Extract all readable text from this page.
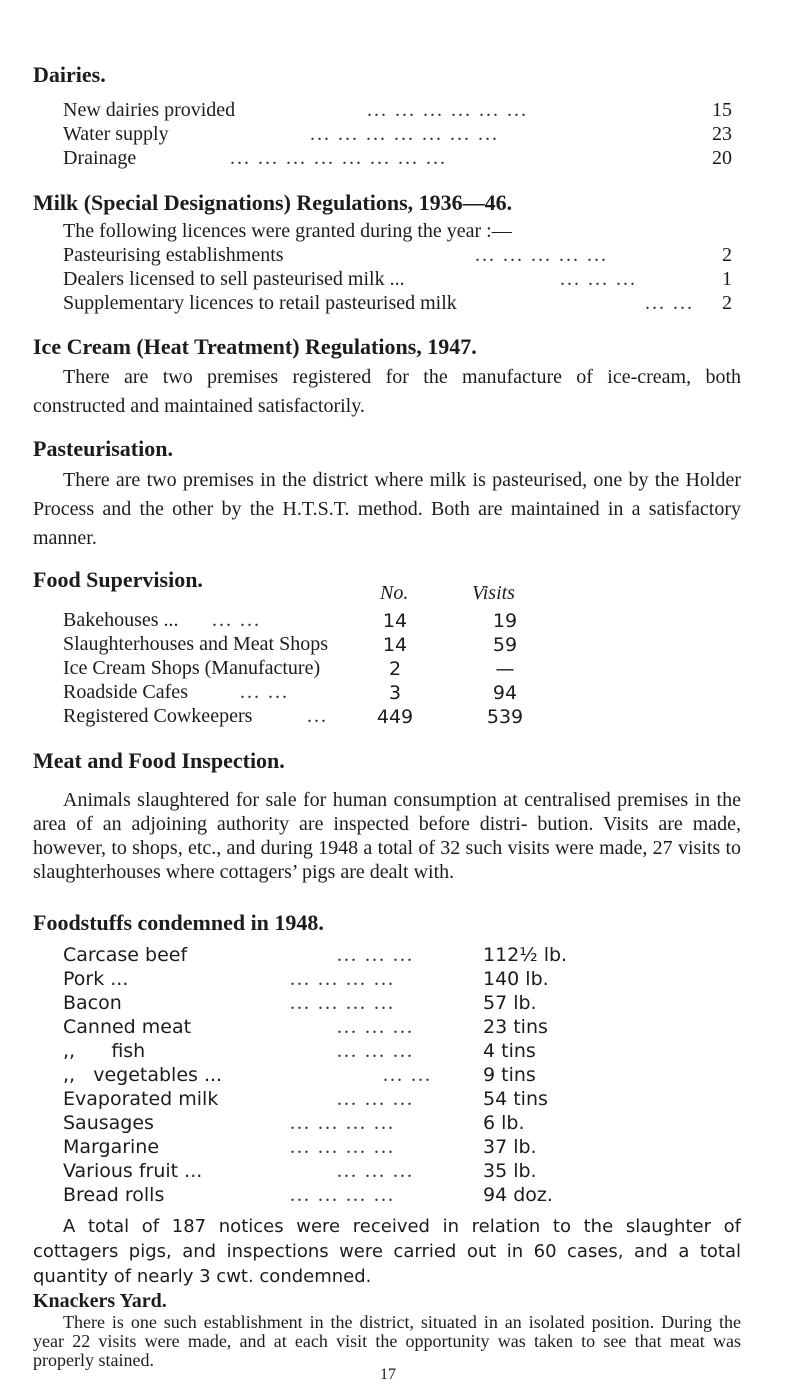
Dairies.
New dairies provided	... ... ... ... ... ...	15
Water supply	... ... ... ... ... ... ...	23
Drainage	... ... ... ... ... ... ... ...	20
Milk (Special Designations) Regulations, 1936—46.
The following licences were granted during the year :—
Pasteurising establishments	... ... ... ... ...	2
Dealers licensed to sell pasteurised milk ...	... ... ...	1
Supplementary licences to retail pasteurised milk	... ... 2
Ice Cream (Heat Treatment) Regulations, 1947.
There are two premises registered for the manufacture of ice-cream, both constructed and maintained satisfactorily.
Pasteurisation.
There are two premises in the district where milk is pasteurised, one by the Holder Process and the other by the H.T.S.T. method. Both are maintained in a satisfactory manner.
Food Supervision.
No.	Visits
Bakehouses ... ... ...	14	19
Slaughterhouses and Meat Shops	14	59
Ice Cream Shops (Manufacture)	2	—
Roadside Cafes	... ...	3	94
Registered Cowkeepers	...	449	539
Meat and Food Inspection.
Animals slaughtered for sale for human consumption at centralised premises in the area of an adjoining authority are inspected before distri- bution. Visits are made, however, to shops, etc., and during 1948 a total of 32 such visits were made, 27 visits to slaughterhouses where cottagers’ pigs are dealt with.
Foodstuffs condemned in 1948.
Carcase beef	... ... ...	112½ lb.
Pork ...	... ... ... ...	140 lb.
Bacon	... ... ... ...	57 lb.
Canned meat	... ... ...	23 tins
,,      fish	... ... ...	4 tins
,,   vegetables ...	... ...	9 tins
Evaporated milk	... ... ...	54 tins
Sausages	... ... ... ...	6 lb.
Margarine	... ... ... ...	37 lb.
Various fruit ...	... ... ...	35 lb.
Bread rolls	... ... ... ...	94 doz.
A total of 187 notices were received in relation to the slaughter of cottagers pigs, and inspections were carried out in 60 cases, and a total quantity of nearly 3 cwt. condemned.
17
Knackers Yard.
There is one such establishment in the district, situated in an isolated position. During the year 22 visits were made, and at each visit the opportunity was taken to see that meat was properly stained.
